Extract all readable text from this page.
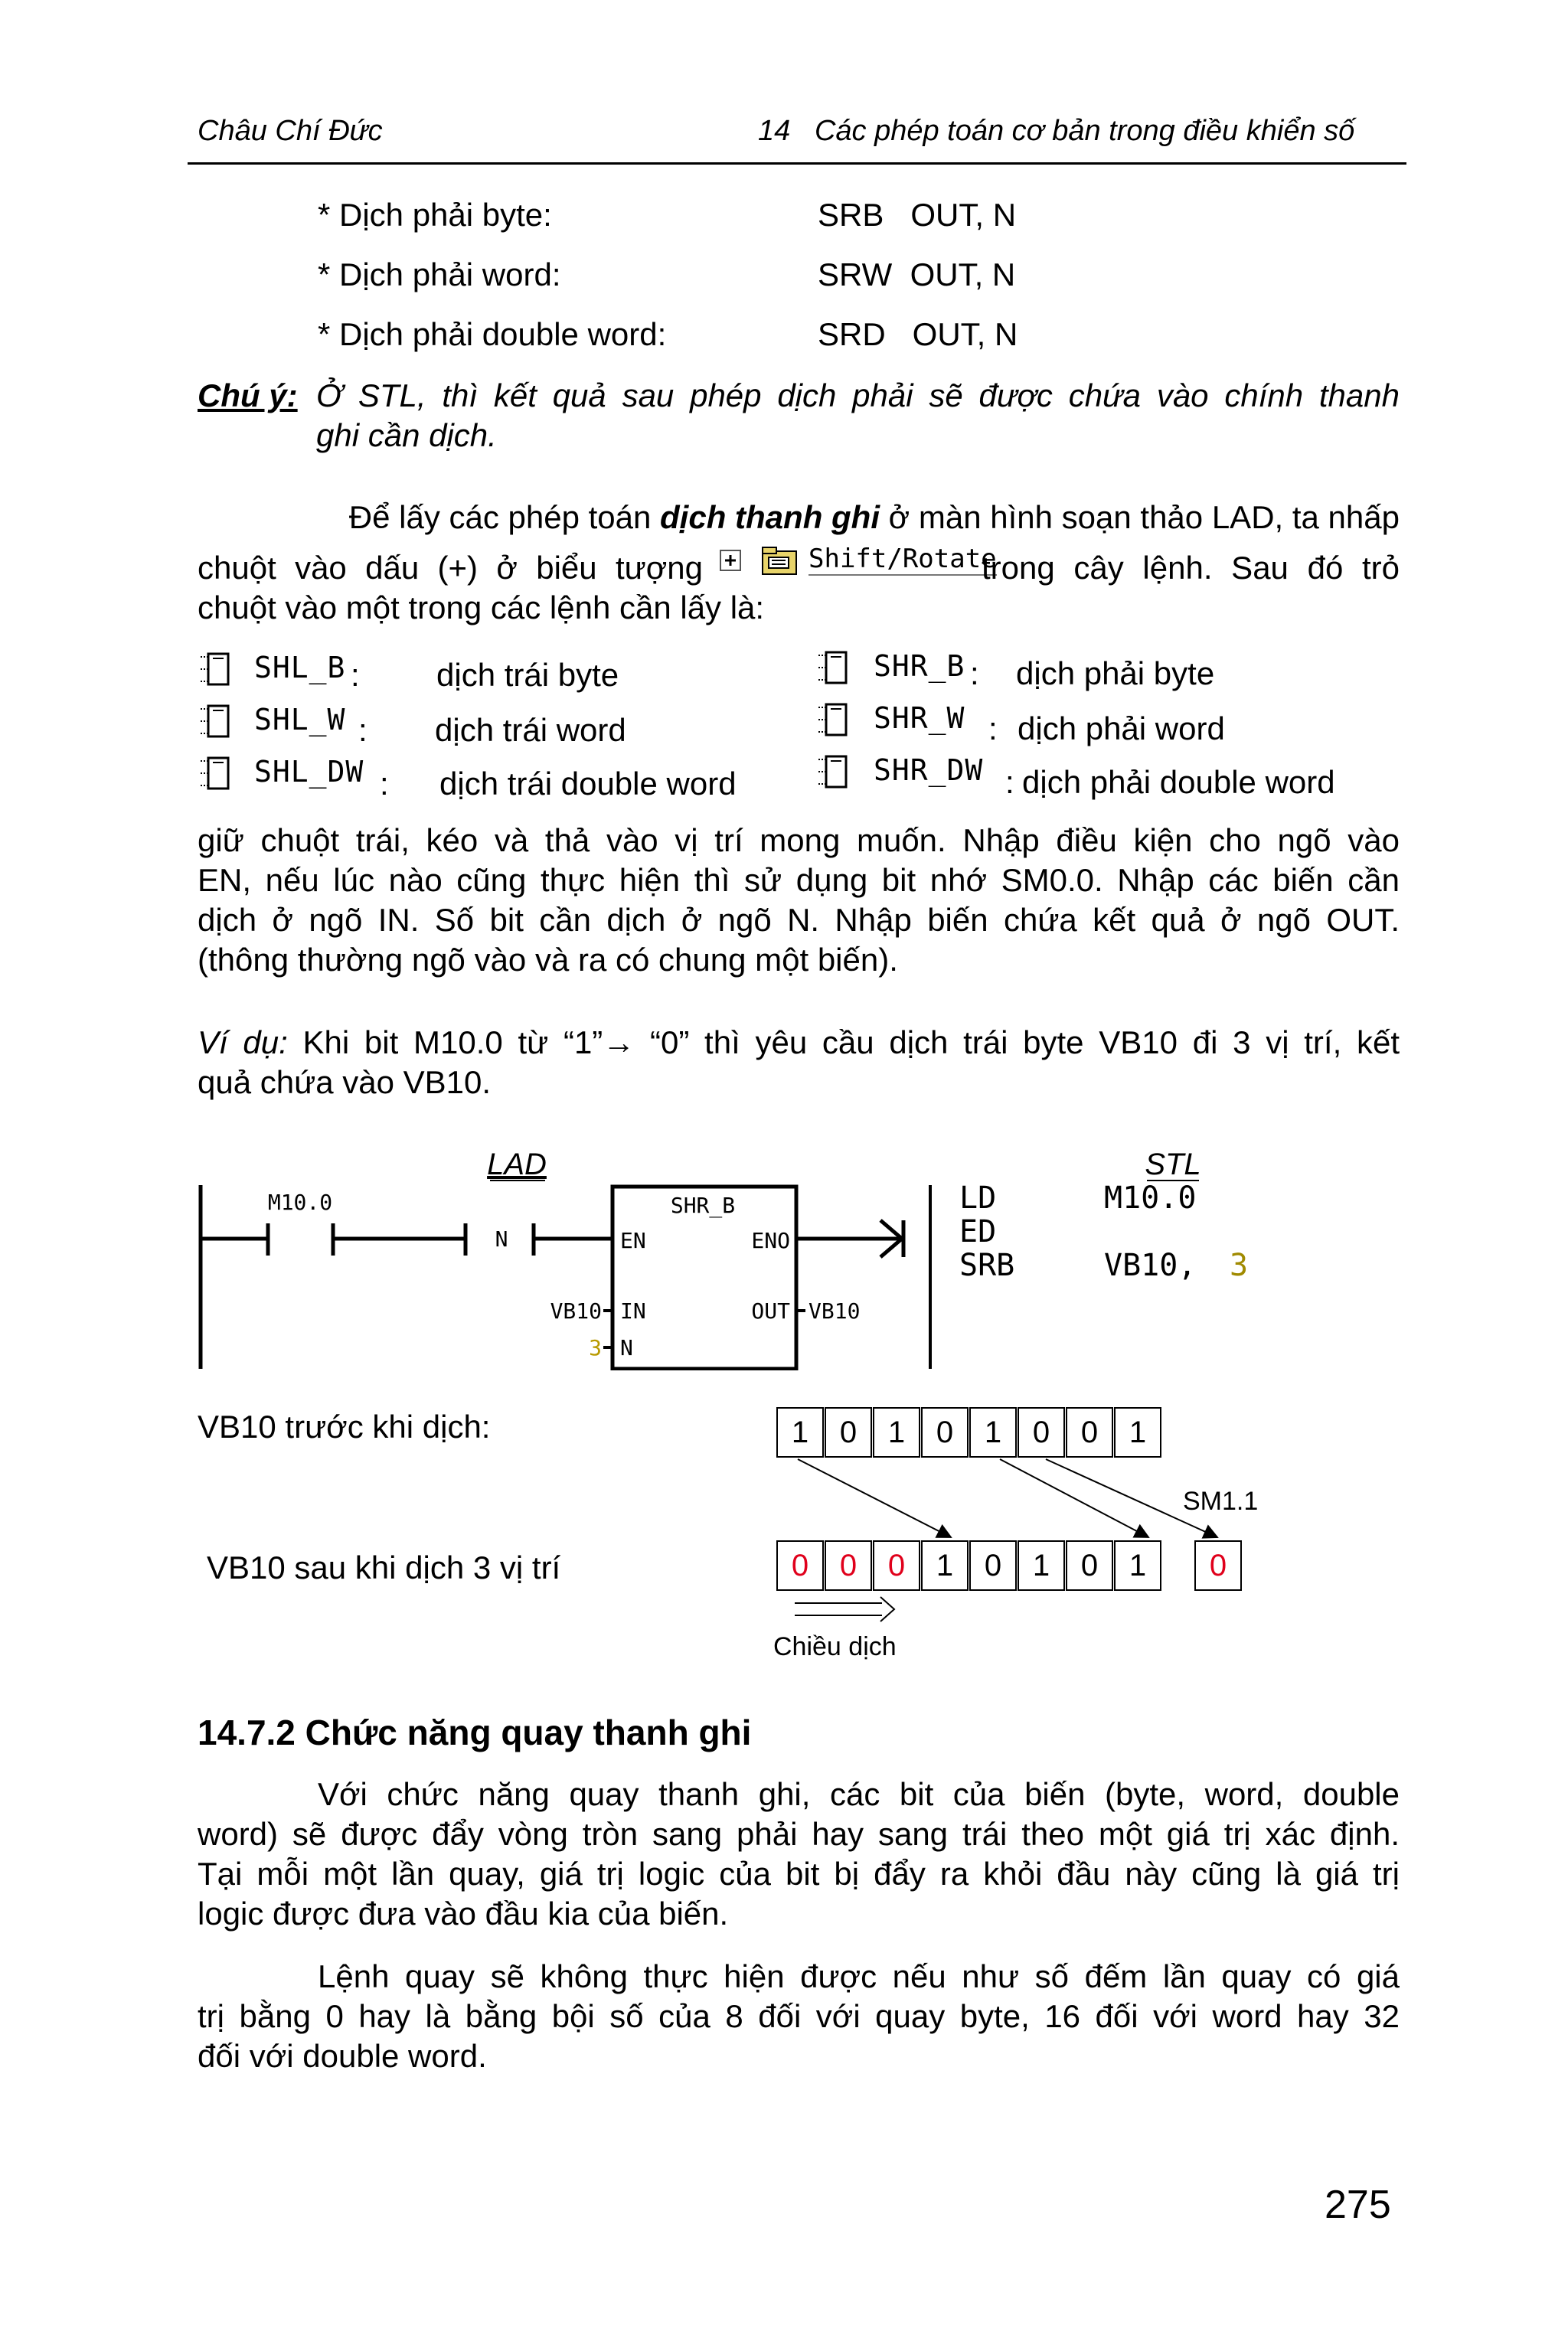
Châu Chí Đức	14   Các phép toán cơ bản trong điều khiển số
* Dịch phải byte:	SRB   OUT, N
* Dịch phải word:	SRW  OUT, N
* Dịch phải double word:	SRD   OUT, N
Chú ý: Ở STL, thì kết quả sau phép dịch phải sẽ được chứa vào chính thanh
ghi cần dịch.
Để lấy các phép toán dịch thanh ghi ở màn hình soạn thảo LAD, ta nhấp
chuột vào dấu (+) ở biểu tượng	Shift/Rotate
trong cây lệnh. Sau đó trỏ
chuột vào một trong các lệnh cần lấy là:
SHL_B : dịch trái byte
SHL_W : dịch trái word
SHL_DW : dịch trái double word
SHR_B : dịch phải byte
SHR_W : dịch phải word
SHR_DW : dịch phải double word
giữ chuột trái, kéo và thả vào vị trí mong muốn. Nhập điều kiện cho ngõ vào
EN, nếu lúc nào cũng thực hiện thì sử dụng bit nhớ SM0.0. Nhập các biến cần
dịch ở ngõ IN. Số bit cần dịch ở ngõ N. Nhập biến chứa kết quả ở ngõ OUT.
(thông thường ngõ vào và ra có chung một biến).
Ví dụ: Khi bit M10.0 từ “1”→ “0” thì yêu cầu dịch trái byte VB10 đi 3 vị trí, kết
quả chứa vào VB10.
LAD	STL
M10.0
N
SHR_B
EN	ENO
IN	OUT
N
VB10
3
VB10
LD	M10.0
ED
SRB	VB10, 3
VB10 trước khi dịch:
VB10 sau khi dịch 3 vị trí
1	0	1	0	1	0	0	1
0	0	0	1	0	1	0	1	0
SM1.1
Chiều dịch
14.7.2 Chức năng quay thanh ghi
Với chức năng quay thanh ghi, các bit của biến (byte, word, double
word) sẽ được đẩy vòng tròn sang phải hay sang trái theo một giá trị xác định.
Tại mỗi một lần quay, giá trị logic của bit bị đẩy ra khỏi đầu này cũng là giá trị
logic được đưa vào đầu kia của biến.
Lệnh quay sẽ không thực hiện được nếu như số đếm lần quay có giá
trị bằng 0 hay là bằng bội số của 8 đối với quay byte, 16 đối với word hay 32
đối với double word.
275
